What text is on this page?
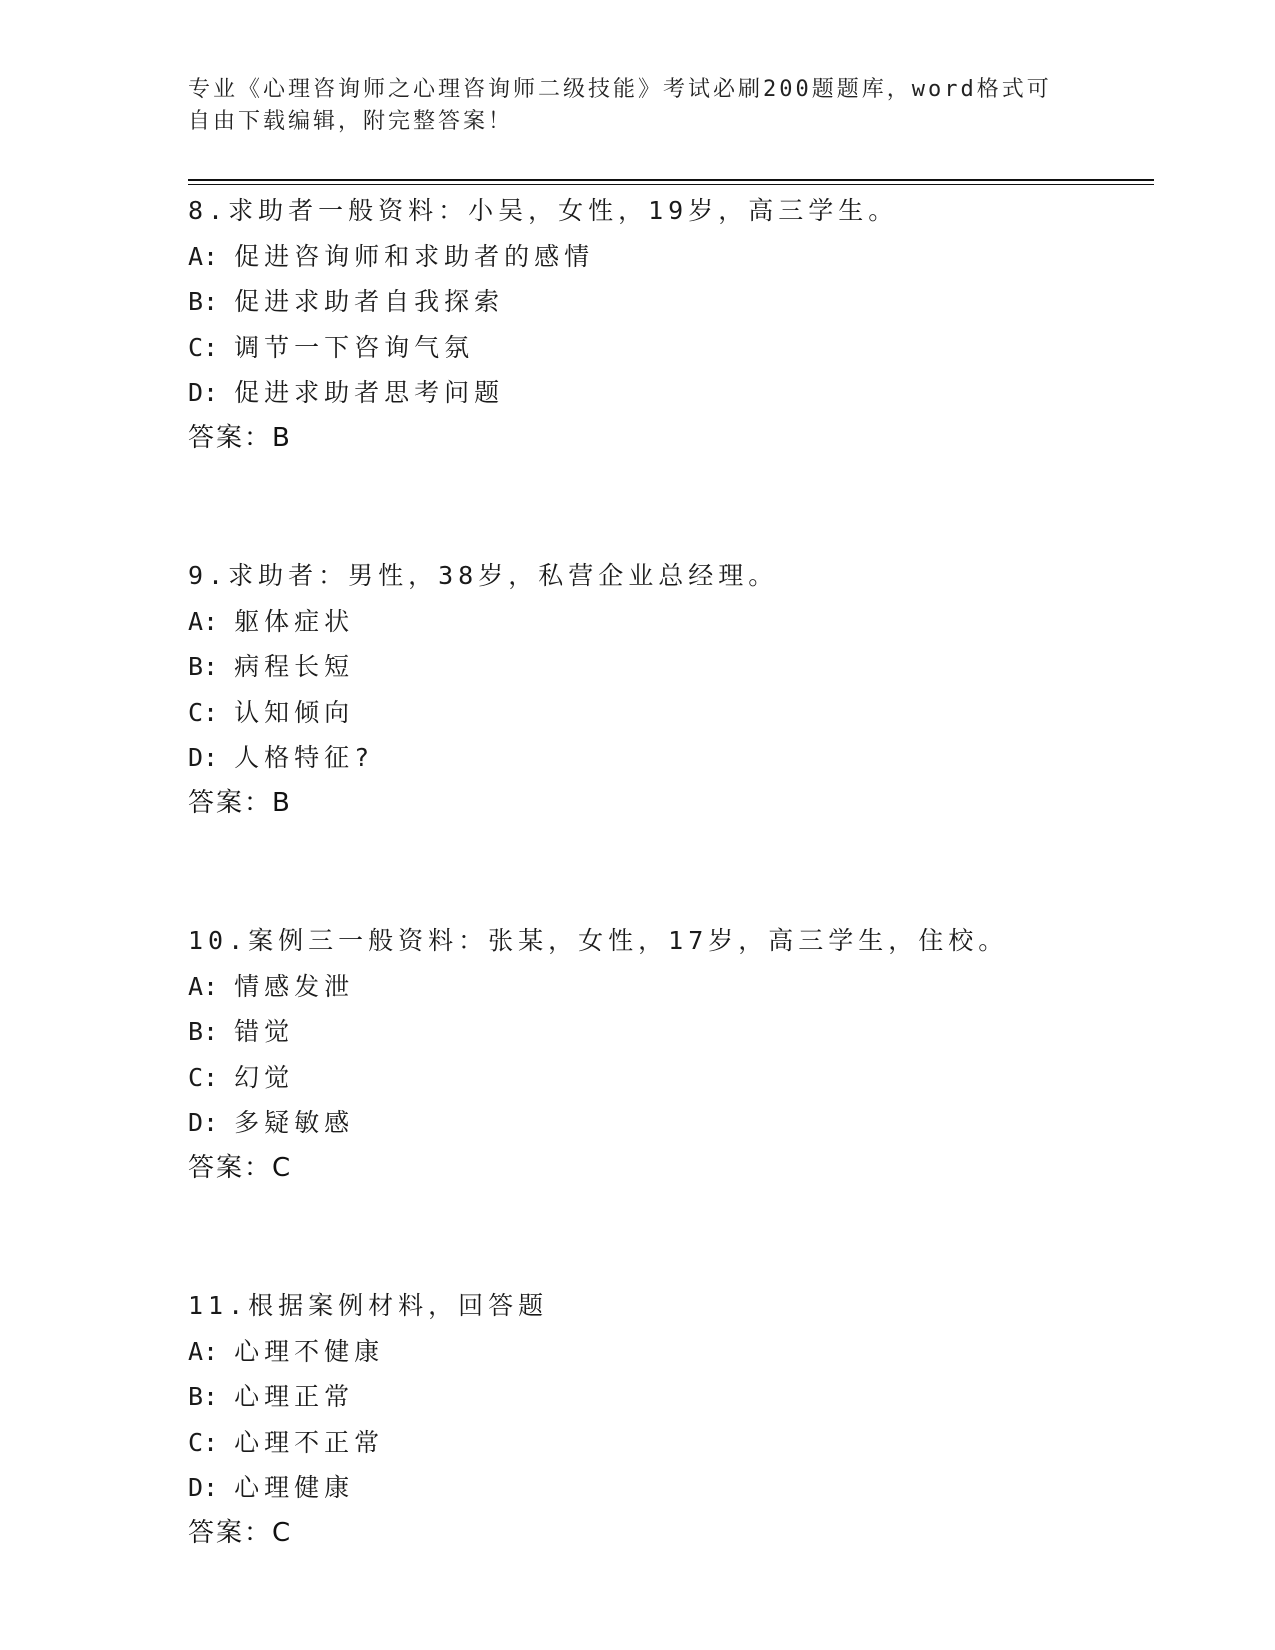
专业《心理咨询师之心理咨询师二级技能》考试必刷200题题库，word格式可自由下载编辑，附完整答案！
8.求助者一般资料：小吴，女性，19岁，高三学生。
A: 促进咨询师和求助者的感情
B: 促进求助者自我探索
C: 调节一下咨询气氛
D: 促进求助者思考问题
答案：B
9.求助者：男性，38岁，私营企业总经理。
A: 躯体症状
B: 病程长短
C: 认知倾向
D: 人格特征?
答案：B
10.案例三一般资料：张某，女性，17岁，高三学生，住校。
A: 情感发泄
B: 错觉
C: 幻觉
D: 多疑敏感
答案：C
11.根据案例材料，回答题
A: 心理不健康
B: 心理正常
C: 心理不正常
D: 心理健康
答案：C
